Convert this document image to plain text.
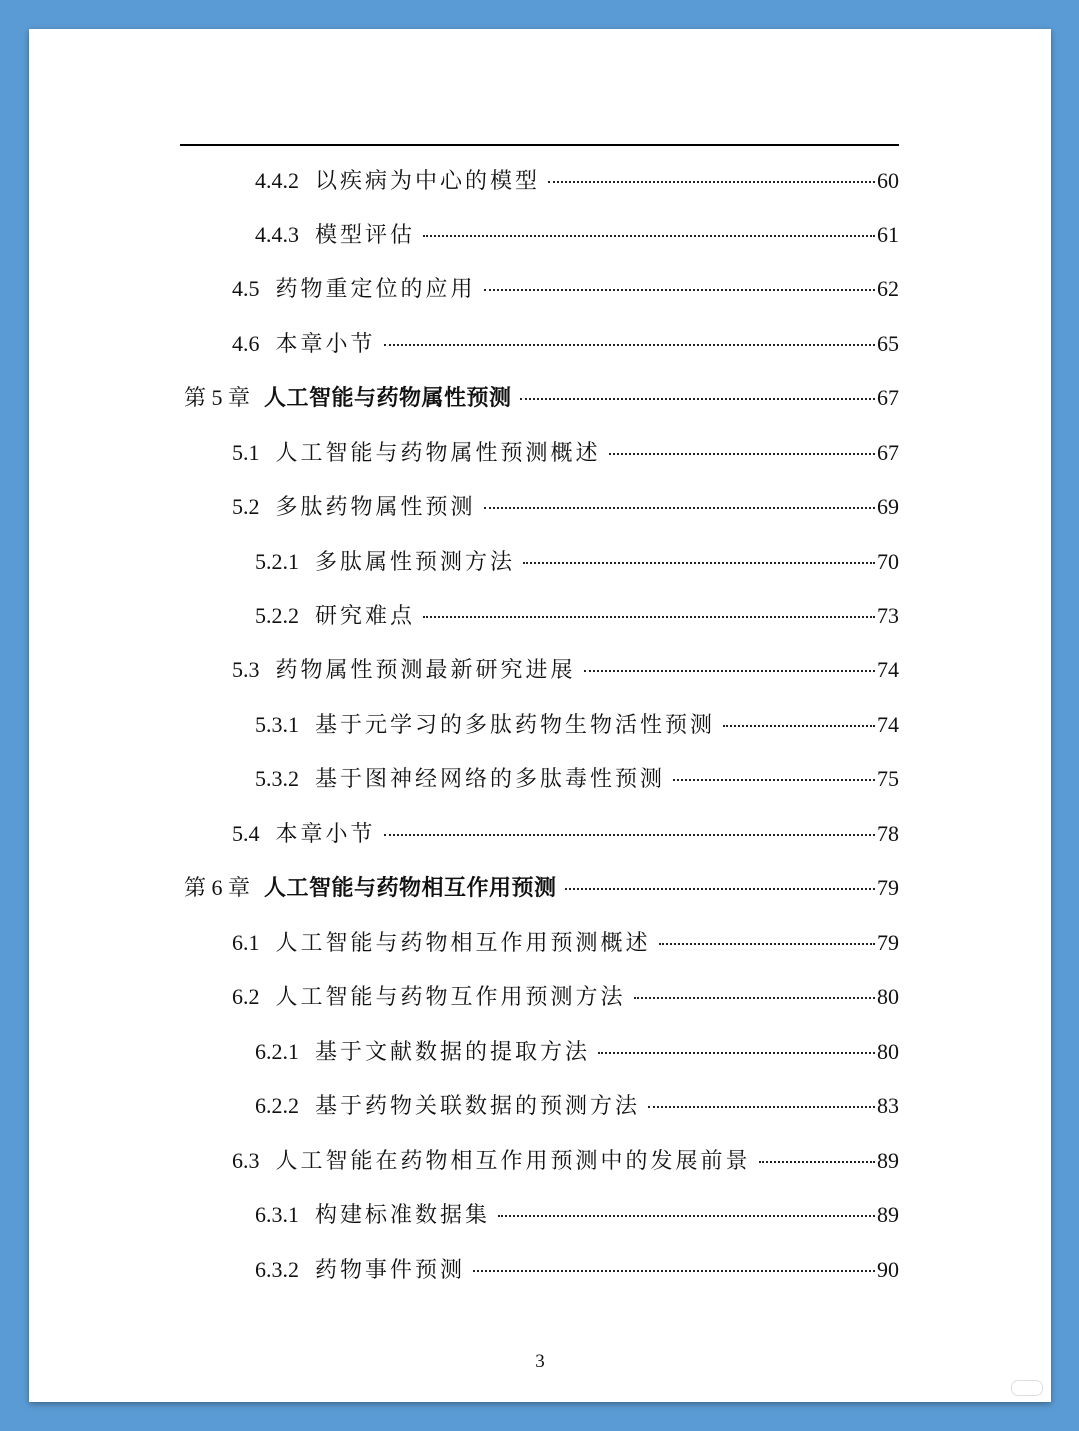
4.4.2 以疾病为中心的模型	60
4.4.3 模型评估	61
4.5 药物重定位的应用	62
4.6 本章小节	65
第 5 章 人工智能与药物属性预测	67
5.1 人工智能与药物属性预测概述	67
5.2 多肽药物属性预测	69
5.2.1 多肽属性预测方法	70
5.2.2 研究难点	73
5.3 药物属性预测最新研究进展	74
5.3.1 基于元学习的多肽药物生物活性预测	74
5.3.2 基于图神经网络的多肽毒性预测	75
5.4 本章小节	78
第 6 章 人工智能与药物相互作用预测	79
6.1 人工智能与药物相互作用预测概述	79
6.2 人工智能与药物互作用预测方法	80
6.2.1 基于文献数据的提取方法	80
6.2.2 基于药物关联数据的预测方法	83
6.3 人工智能在药物相互作用预测中的发展前景	89
6.3.1 构建标准数据集	89
6.3.2 药物事件预测	90
3
